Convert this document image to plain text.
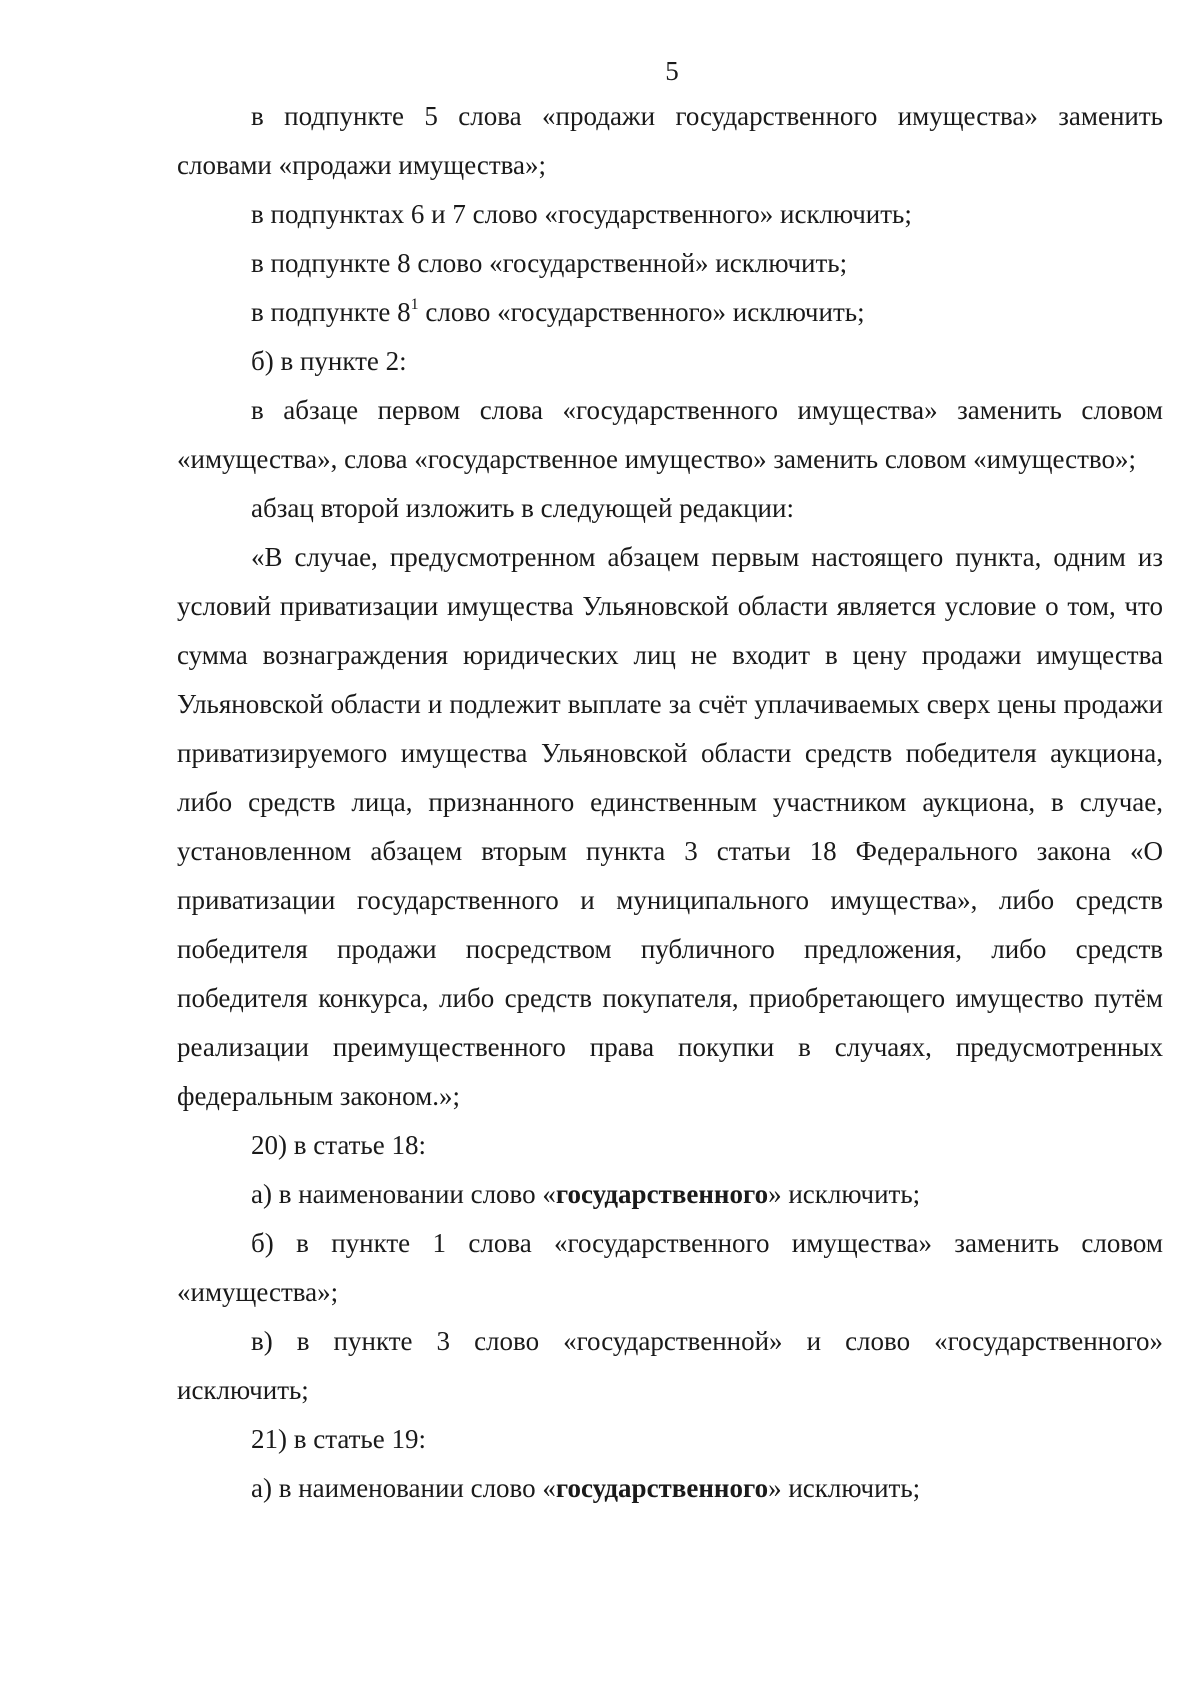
5

в подпункте 5 слова «продажи государственного имущества» заменить словами «продажи имущества»;

в подпунктах 6 и 7 слово «государственного» исключить;

в подпункте 8 слово «государственной» исключить;

в подпункте $8^1$ слово «государственного» исключить;

б) в пункте 2:

в абзаце первом слова «государственного имущества» заменить словом «имущества», слова «государственное имущество» заменить словом «имущество»;

абзац второй изложить в следующей редакции:

«В случае, предусмотренном абзацем первым настоящего пункта, одним из условий приватизации имущества Ульяновской области является условие о том, что сумма вознаграждения юридических лиц не входит в цену продажи имущества Ульяновской области и подлежит выплате за счёт уплачиваемых сверх цены продажи приватизируемого имущества Ульяновской области средств победителя аукциона, либо средств лица, признанного единственным участником аукциона, в случае, установленном абзацем вторым пункта 3 статьи 18 Федерального закона «О приватизации государственного и муниципального имущества», либо средств победителя продажи посредством публичного предложения, либо средств победителя конкурса, либо средств покупателя, приобретающего имущество путём реализации преимущественного права покупки в случаях, предусмотренных федеральным законом.»;

20) в статье 18:

а) в наименовании слово «государственного» исключить;

б) в пункте 1 слова «государственного имущества» заменить словом «имущества»;

в) в пункте 3 слово «государственной» и слово «государственного» исключить;

21) в статье 19:

а) в наименовании слово «государственного» исключить;
